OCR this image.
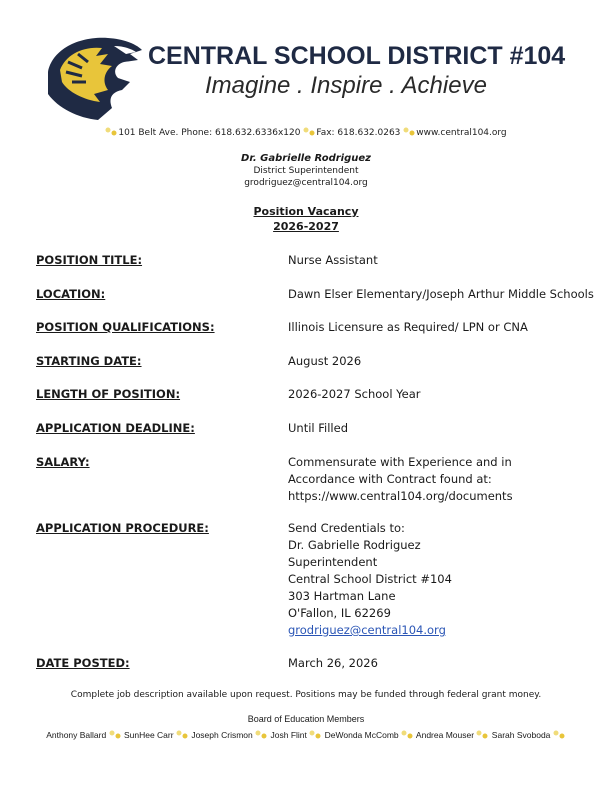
CENTRAL SCHOOL DISTRICT #104
Imagine . Inspire . Achieve
101 Belt Ave. Phone: 618.632.6336x120 Fax: 618.632.0263 www.central104.org
Dr. Gabrielle Rodriguez
District Superintendent
grodriguez@central104.org
Position Vacancy
2026-2027
POSITION TITLE:	Nurse Assistant
LOCATION:	Dawn Elser Elementary/Joseph Arthur Middle Schools
POSITION QUALIFICATIONS:	Illinois Licensure as Required/ LPN or CNA
STARTING DATE:	August 2026
LENGTH OF POSITION:	2026-2027 School Year
APPLICATION DEADLINE:	Until Filled
SALARY:	Commensurate with Experience and in
Accordance with Contract found at:
https://www.central104.org/documents
APPLICATION PROCEDURE:	Send Credentials to:
Dr. Gabrielle Rodriguez
Superintendent
Central School District #104
303 Hartman Lane
O'Fallon, IL 62269
grodriguez@central104.org
DATE POSTED:	March 26, 2026
Complete job description available upon request. Positions may be funded through federal grant money.
Board of Education Members
Anthony Ballard SunHee Carr Joseph Crismon Josh Flint DeWonda McComb Andrea Mouser Sarah Svoboda
